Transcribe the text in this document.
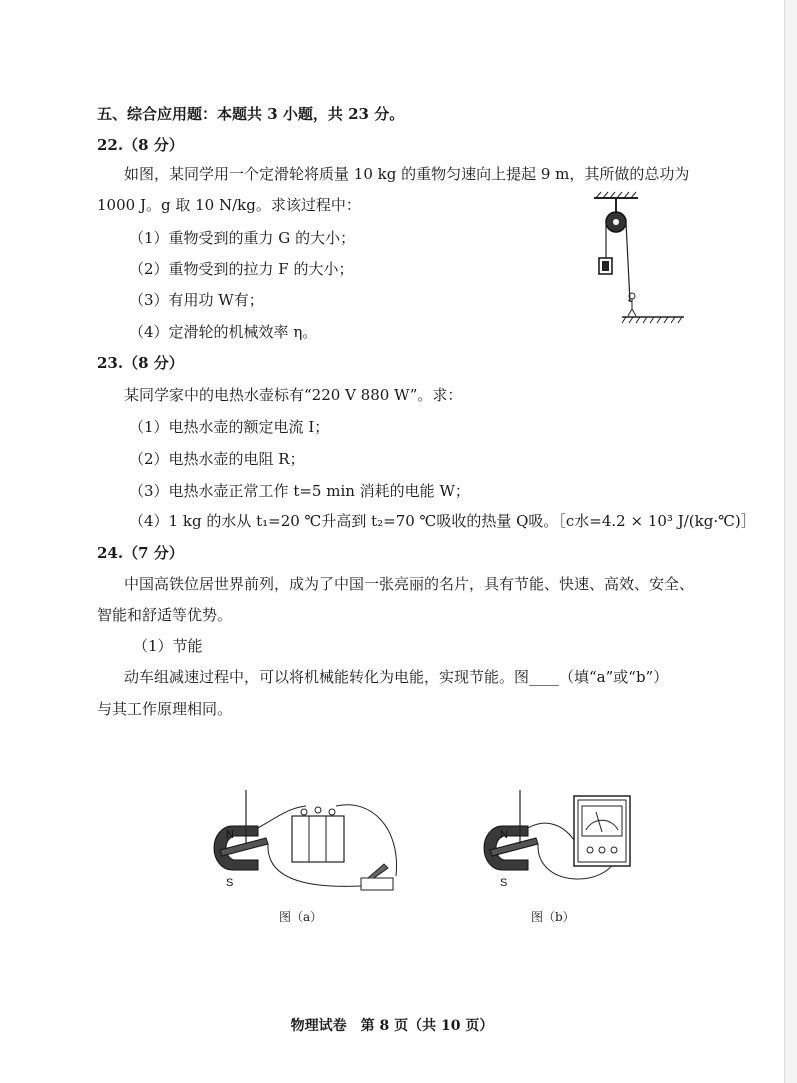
五、综合应用题：本题共 3 小题，共 23 分。
22.（8 分）
如图，某同学用一个定滑轮将质量 10 kg 的重物匀速向上提起 9 m，其所做的总功为
1000 J。g 取 10 N/kg。求该过程中：
（1）重物受到的重力 G 的大小；
（2）重物受到的拉力 F 的大小；
（3）有用功 W有；
（4）定滑轮的机械效率 η。
23.（8 分）
某同学家中的电热水壶标有“220 V 880 W”。求：
（1）电热水壶的额定电流 I；
（2）电热水壶的电阻 R；
（3）电热水壶正常工作 t=5 min 消耗的电能 W；
（4）1 kg 的水从 t₁=20 ℃升高到 t₂=70 ℃吸收的热量 Q吸。［c水=4.2 × 10³ J/(kg·℃)］
24.（7 分）
中国高铁位居世界前列，成为了中国一张亮丽的名片，具有节能、快速、高效、安全、
智能和舒适等优势。
（1）节能
动车组减速过程中，可以将机械能转化为电能，实现节能。图____（填“a”或“b”）
与其工作原理相同。
N
S
图（a）
N
S
图（b）
物理试卷　第 8 页（共 10 页）
